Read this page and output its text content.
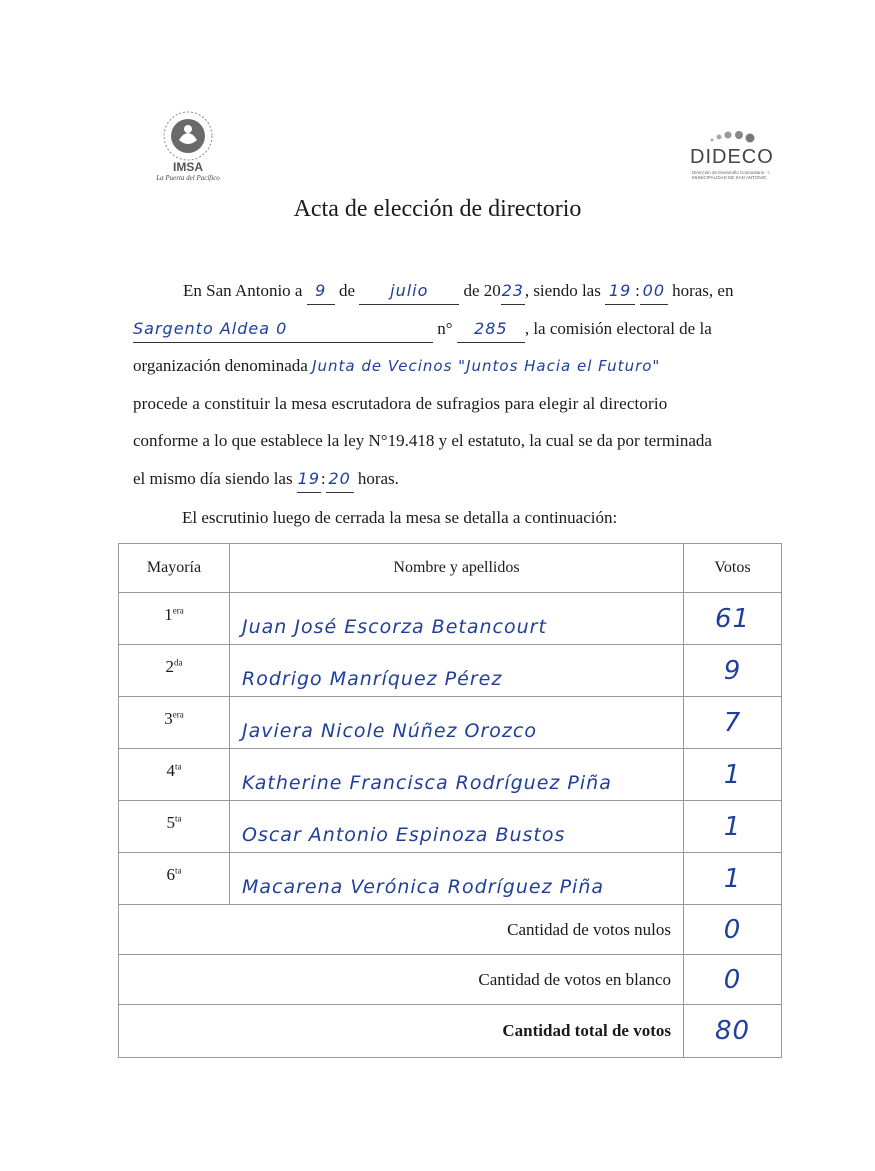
IMSA
La Puerta del Pacífico
DIDECO
Dirección de Desarrollo Comunitario · I. MUNICIPALIDAD DE SAN ANTONIO
Acta de elección de directorio
En San Antonio a 9 de julio de 2023, siendo las 19 : 00 horas, en
Sargento Aldea 0	n° 285 , la comisión electoral de la
organización denominada Junta de Vecinos "Juntos Hacia el Futuro"
procede a constituir la mesa escrutadora de sufragios para elegir al directorio
conforme a lo que establece la ley N°19.418 y el estatuto, la cual se da por terminada
el mismo día siendo las 19: 20 horas.
El escrutinio luego de cerrada la mesa se detalla a continuación:
Mayoría	Nombre y apellidos	Votos
$1^{era}$	Juan José Escorza Betancourt	61
$2^{da}$	Rodrigo Manríquez Pérez	9
$3^{era}$	Javiera Nicole Núñez Orozco	7
$4^{ta}$	Katherine Francisca Rodríguez Piña	1
$5^{ta}$	Oscar Antonio Espinoza Bustos	1
$6^{ta}$	Macarena Verónica Rodríguez Piña	1
Cantidad de votos nulos		0
Cantidad de votos en blanco		0
Cantidad total de votos		80
